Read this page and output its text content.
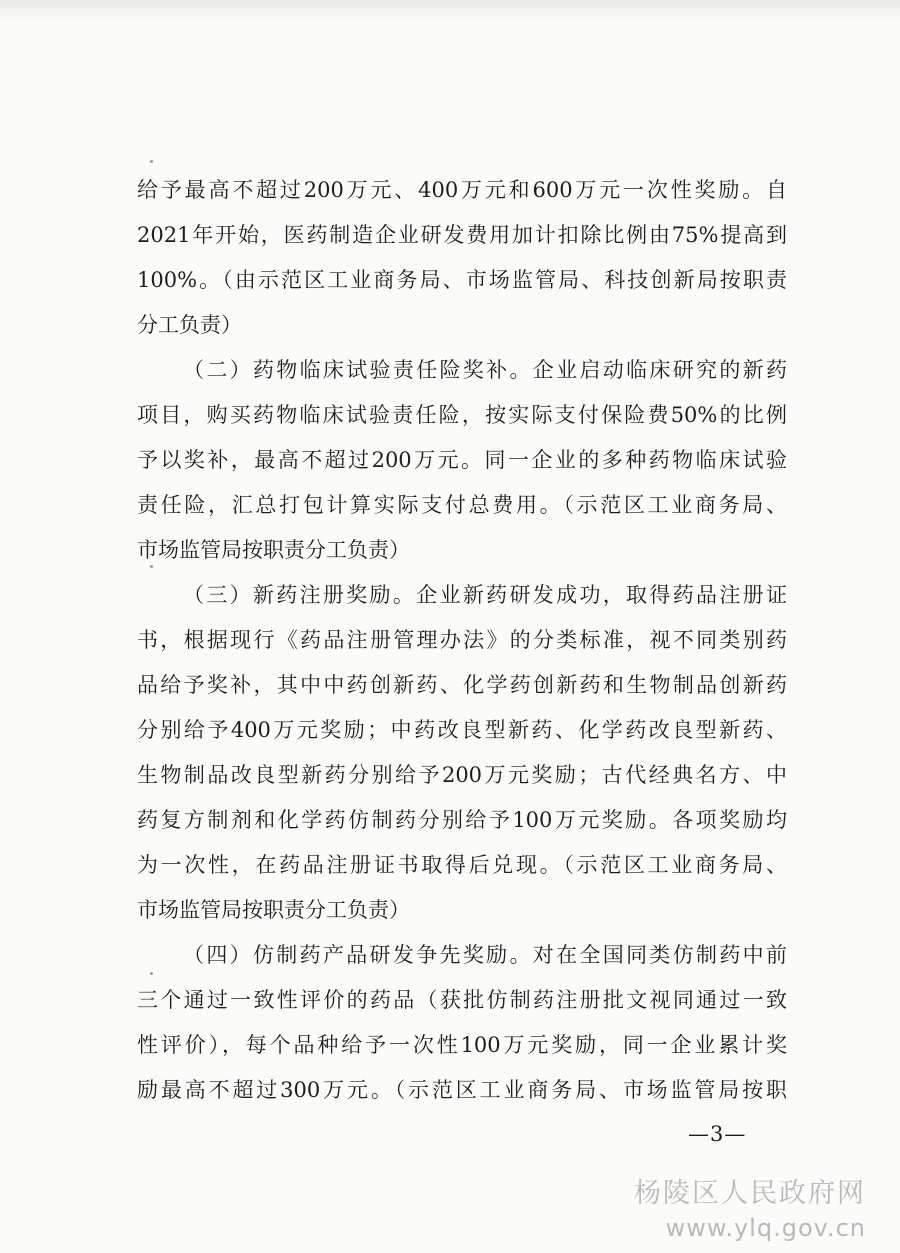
给予最高不超过200万元、400万元和600万元一次性奖励。自
2021年开始，医药制造企业研发费用加计扣除比例由75%提高到
100%。（由示范区工业商务局、市场监管局、科技创新局按职责
分工负责）
（二）药物临床试验责任险奖补。企业启动临床研究的新药
项目，购买药物临床试验责任险，按实际支付保险费50%的比例
予以奖补，最高不超过200万元。同一企业的多种药物临床试验
责任险，汇总打包计算实际支付总费用。（示范区工业商务局、
市场监管局按职责分工负责）
（三）新药注册奖励。企业新药研发成功，取得药品注册证
书，根据现行《药品注册管理办法》的分类标准，视不同类别药
品给予奖补，其中中药创新药、化学药创新药和生物制品创新药
分别给予400万元奖励；中药改良型新药、化学药改良型新药、
生物制品改良型新药分别给予200万元奖励；古代经典名方、中
药复方制剂和化学药仿制药分别给予100万元奖励。各项奖励均
为一次性，在药品注册证书取得后兑现。（示范区工业商务局、
市场监管局按职责分工负责）
（四）仿制药产品研发争先奖励。对在全国同类仿制药中前
三个通过一致性评价的药品（获批仿制药注册批文视同通过一致
性评价），每个品种给予一次性100万元奖励，同一企业累计奖
励最高不超过300万元。（示范区工业商务局、市场监管局按职
—3—
杨陵区人民政府网
www.ylq.gov.cn
